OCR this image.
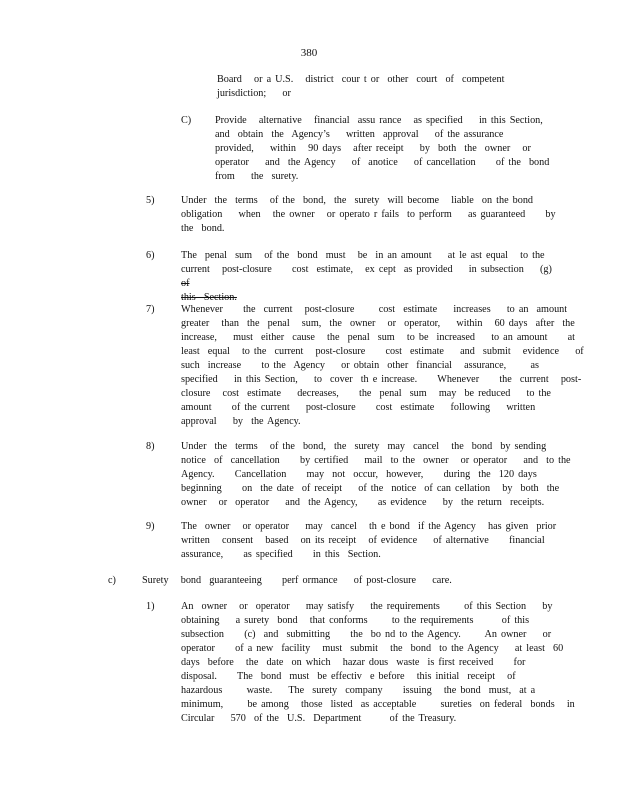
380
Board   or a U.S.   district  cour t or  other  court  of  competent
jurisdiction;    or
C) Provide   alternative   financial  assu rance   as specified    in this Section,
and  obtain  the  Agency’s    written  approval    of the assurance
provided,    within   90 days   after receipt    by  both  the  owner   or
operator    and  the Agency    of  anotice    of cancellation     of the  bond
from    the  surety.
5)	Under  the  terms   of the  bond,  the  surety  will become   liable  on the bond
obligation    when   the owner   or operato r fails  to perform    as guaranteed     by
the  bond.
6)	The  penal  sum   of the  bond  must   be  in an amount    at le ast equal   to the
current   post-closure     cost  estimate,   ex cept  as provided    in subsection    (g) of
this  Section.
7)	Whenever     the  current   post-closure      cost  estimate    increases    to an  amount
greater   than  the  penal   sum,  the  owner   or  operator,    within   60 days  after  the
increase,    must  either  cause   the  penal  sum   to be  increased    to an amount     at
least  equal   to the  current   post-closure     cost  estimate    and  submit   evidence    of
such  increase     to the  Agency    or obtain  other  financial   assurance,      as
specified    in this Section,    to  cover  th e increase.     Whenever     the  current   post-
closure   cost  estimate    decreases,     the  penal  sum   may  be reduced    to the
amount     of the current    post-closure     cost  estimate    following    written
approval    by  the Agency.
8)	Under  the  terms   of the  bond,  the  surety  may  cancel   the  bond  by sending
notice  of  cancellation     by certified    mail  to the  owner   or operator    and  to the
Agency.     Cancellation     may  not  occur,  however,     during  the  120 days
beginning     on  the date  of receipt    of the  notice  of can cellation   by  both  the
owner   or  operator    and  the Agency,     as evidence    by  the return  receipts.
9)	The  owner   or operator    may  cancel   th e bond  if the Agency   has given  prior
written   consent   based   on its receipt   of evidence    of alternative     financial
assurance,     as specified     in this  Section.
c)	Surety   bond  guaranteeing     perf ormance    of post-closure    care.
1)	An  owner   or  operator    may satisfy    the requirements      of this Section    by
obtaining    a surety  bond   that conforms      to the requirements       of this
subsection     (c)  and  submitting     the  bo nd to the Agency.      An owner    or
operator     of a new  facility   must  submit   the  bond  to the Agency    at least  60
days  before   the  date  on which   hazar dous  waste  is first received     for
disposal.     The  bond  must  be effectiv  e before   this initial  receipt   of
hazardous      waste.    The  surety  company     issuing   the bond  must,  at a
minimum,      be among   those  listed  as acceptable      sureties  on federal  bonds   in
Circular    570  of the  U.S.  Department       of the Treasury.
